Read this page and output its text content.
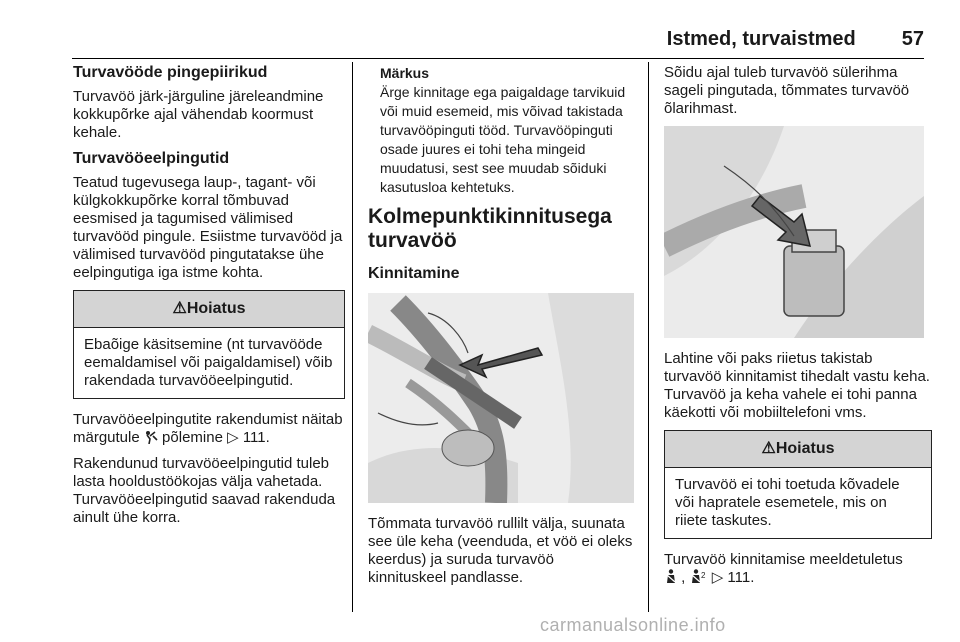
Istmed, turvaistmed 57
Turvavööde pingepiirikud

Turvavöö järk-järguline järeleandmine kokkupõrke ajal vähendab koormust kehale.

Turvavööeelpingutid

Teatud tugevusega laup-, tagant- või külgkokkupõrke korral tõmbuvad eesmised ja tagumised välimised turvavööd pingule. Esiistme turvavööd ja välimised turvavööd pingutatakse ühe eelpingutiga iga istme kohta.

⚠Hoiatus
Ebaõige käsitsemine (nt turvavööde eemaldamisel või paigaldamisel) võib rakendada turvavööeelpingutid.

Turvavööeelpingutite rakendumist näitab märgutule põlemine ▷ 111.

Rakendunud turvavööeelpingutid tuleb lasta hooldustöökojas välja vahetada. Turvavööeelpingutid saavad rakenduda ainult ühe korra.

Märkus
Ärge kinnitage ega paigaldage tarvikuid või muid esemeid, mis võivad takistada turvavööpinguti tööd. Turvavööpinguti osade juures ei tohi teha mingeid muudatusi, sest see muudab sõiduki kasutusloa kehtetuks.
Kolmepunktikinnitusega turvavöö
Kinnitamine

Tõmmata turvavöö rullilt välja, suunata see üle keha (veenduda, et vöö ei oleks keerdus) ja suruda turvavöö kinnituskeel pandlasse.

Sõidu ajal tuleb turvavöö sülerihma sageli pingutada, tõmmates turvavöö õlarihmast.

Lahtine või paks riietus takistab turvavöö kinnitamist tihedalt vastu keha. Turvavöö ja keha vahele ei tohi panna käekotti või mobiiltelefoni vms.

⚠Hoiatus
Turvavöö ei tohi toetuda kõvadele või hapratele esemetele, mis on riiete taskutes.

Turvavöö kinnitamise meeldetuletus
, 2 ▷ 111.

carmanualsonline.info
